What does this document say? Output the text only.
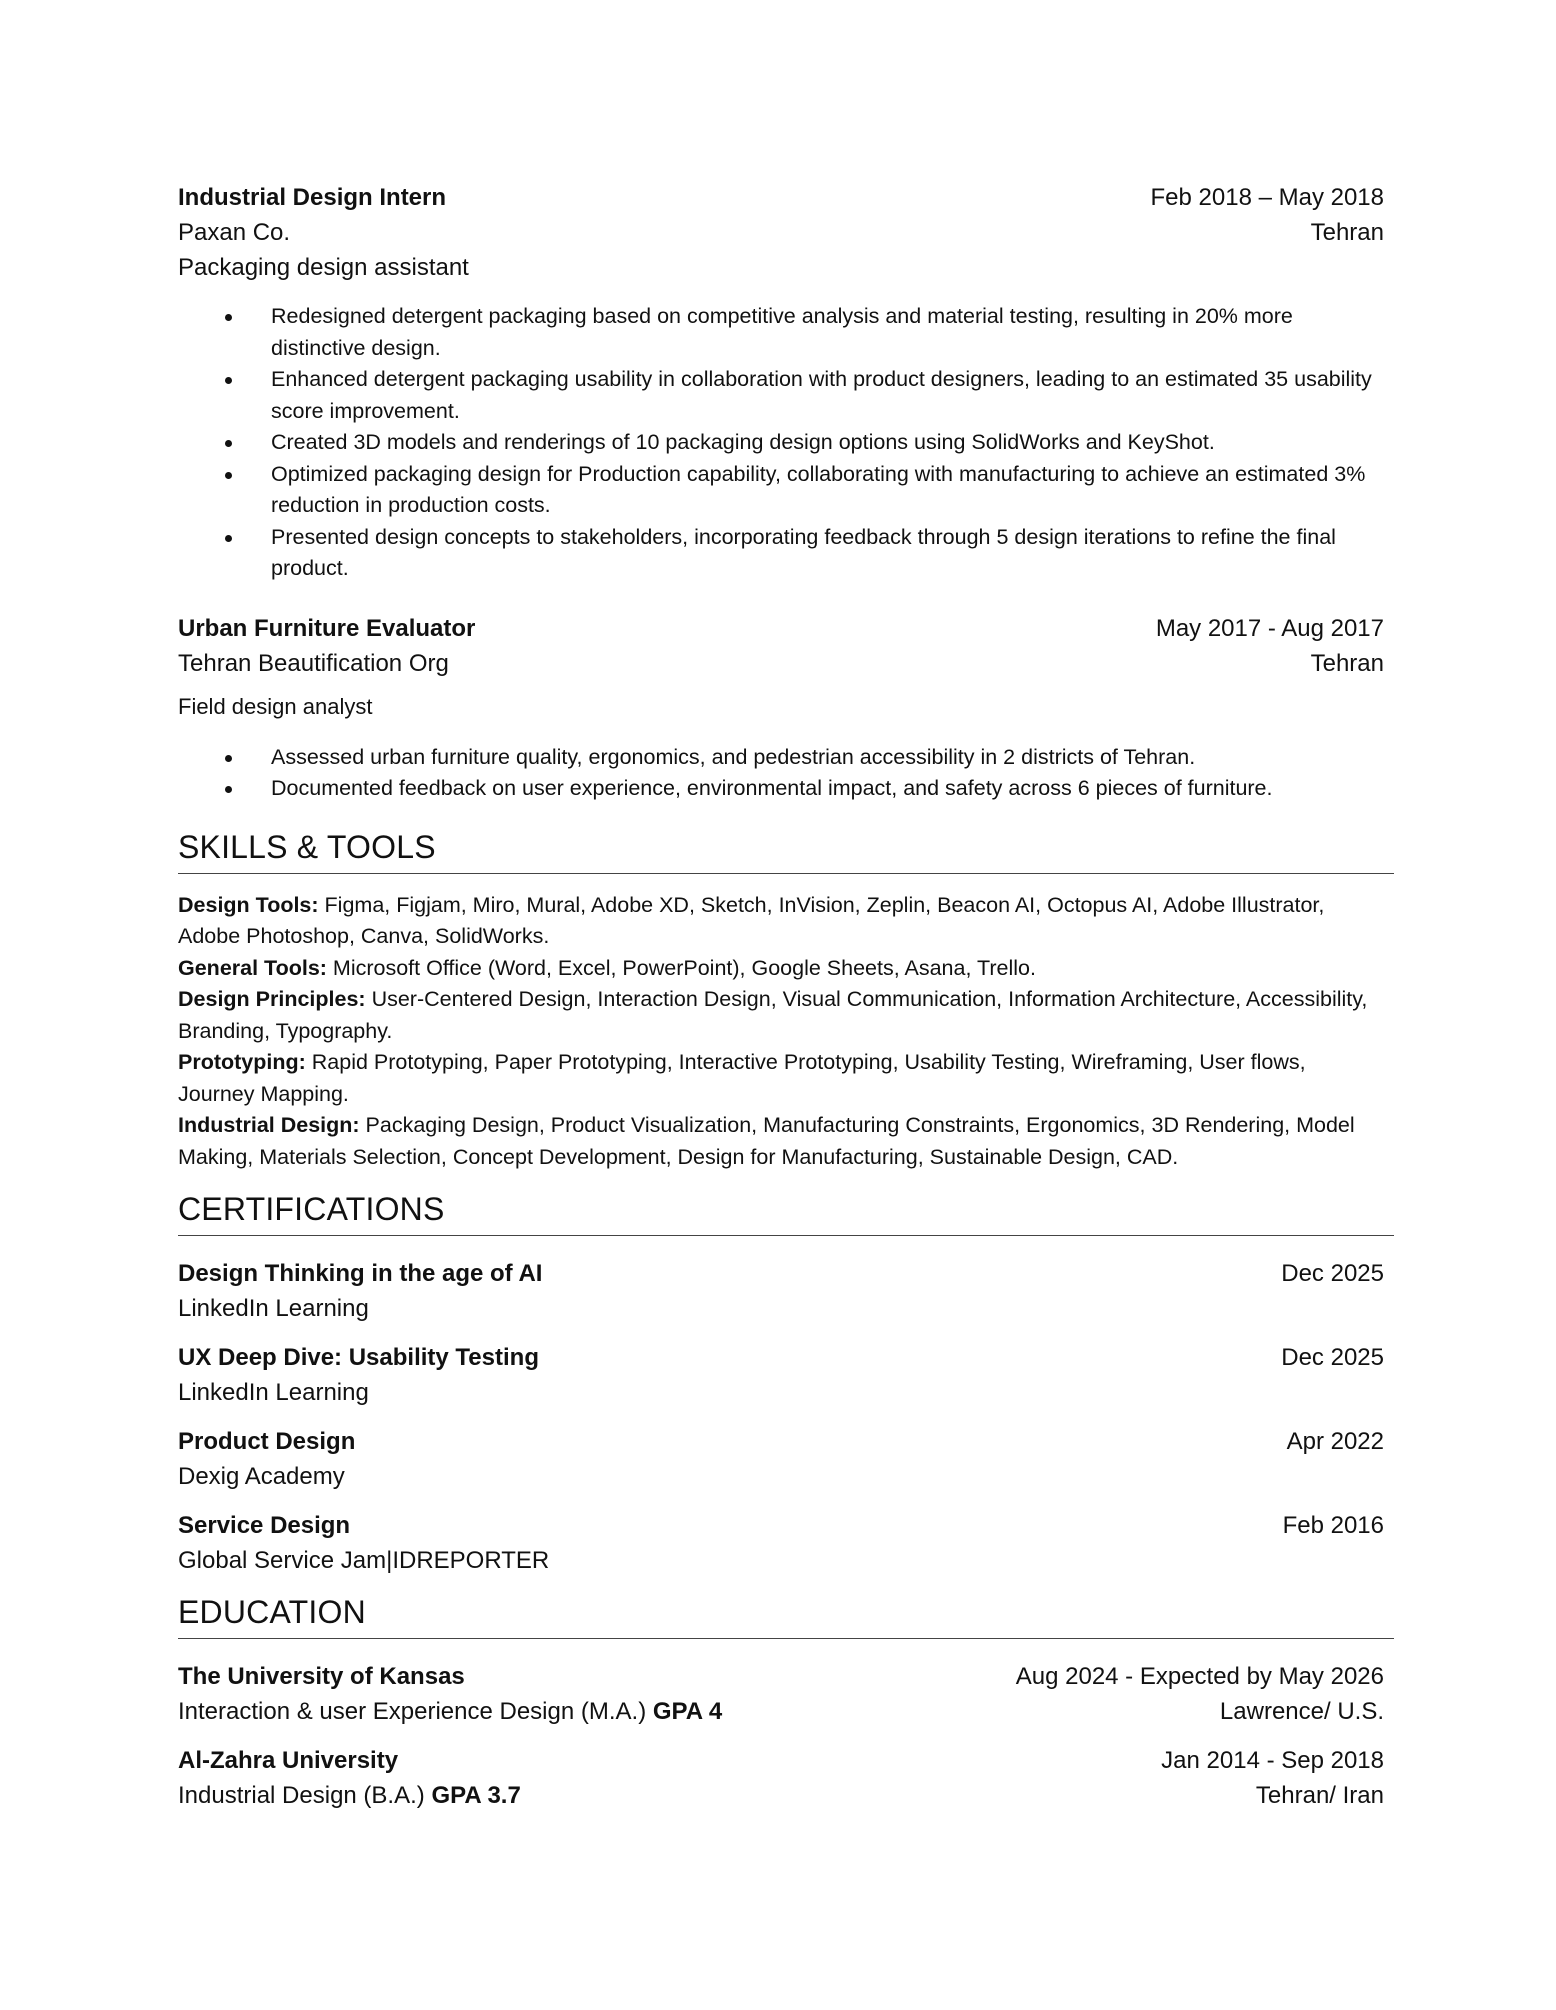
Industrial Design Intern	Feb 2018 – May 2018
Paxan Co.	Tehran
Packaging design assistant
Redesigned detergent packaging based on competitive analysis and material testing, resulting in 20% more distinctive design.
Enhanced detergent packaging usability in collaboration with product designers, leading to an estimated 35 usability score improvement.
Created 3D models and renderings of 10 packaging design options using SolidWorks and KeyShot.
Optimized packaging design for Production capability, collaborating with manufacturing to achieve an estimated 3% reduction in production costs.
Presented design concepts to stakeholders, incorporating feedback through 5 design iterations to refine the final product.
Urban Furniture Evaluator	May 2017 - Aug 2017
Tehran Beautification Org	Tehran
Field design analyst
Assessed urban furniture quality, ergonomics, and pedestrian accessibility in 2 districts of Tehran.
Documented feedback on user experience, environmental impact, and safety across 6 pieces of furniture.
SKILLS & TOOLS
Design Tools: Figma, Figjam, Miro, Mural, Adobe XD, Sketch, InVision, Zeplin, Beacon AI, Octopus AI, Adobe Illustrator, Adobe Photoshop, Canva, SolidWorks.
General Tools: Microsoft Office (Word, Excel, PowerPoint), Google Sheets, Asana, Trello.
Design Principles: User-Centered Design, Interaction Design, Visual Communication, Information Architecture, Accessibility, Branding, Typography.
Prototyping: Rapid Prototyping, Paper Prototyping, Interactive Prototyping, Usability Testing, Wireframing, User flows, Journey Mapping.
Industrial Design: Packaging Design, Product Visualization, Manufacturing Constraints, Ergonomics, 3D Rendering, Model Making, Materials Selection, Concept Development, Design for Manufacturing, Sustainable Design, CAD.
CERTIFICATIONS
Design Thinking in the age of AI	Dec 2025
LinkedIn Learning
UX Deep Dive: Usability Testing	Dec 2025
LinkedIn Learning
Product Design	Apr 2022
Dexig Academy
Service Design	Feb 2016
Global Service Jam|IDREPORTER
EDUCATION
The University of Kansas	Aug 2024 - Expected by May 2026
Interaction & user Experience Design (M.A.) GPA 4	Lawrence/ U.S.
Al-Zahra University	Jan 2014 - Sep 2018
Industrial Design (B.A.) GPA 3.7	Tehran/ Iran
